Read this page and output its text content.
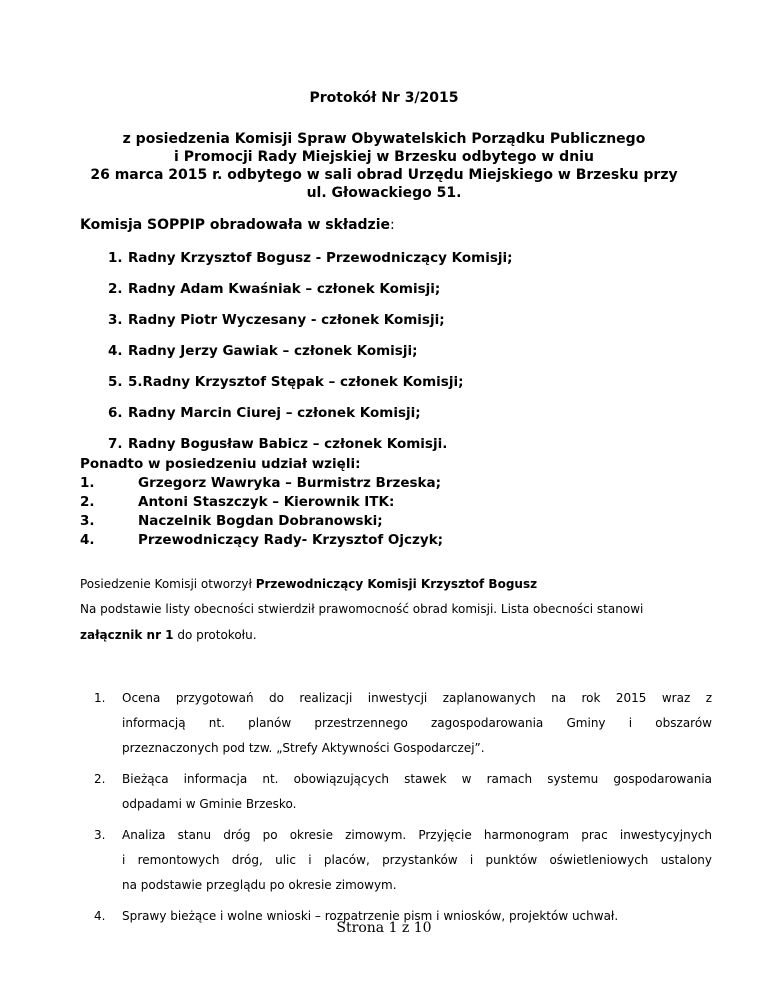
Protokół Nr 3/2015
z posiedzenia Komisji Spraw Obywatelskich Porządku Publicznego
i Promocji Rady Miejskiej w Brzesku odbytego w dniu
26 marca 2015 r. odbytego w sali obrad Urzędu Miejskiego w Brzesku przy
ul. Głowackiego 51.
Komisja SOPPIP obradowała w składzie:
1. Radny Krzysztof Bogusz - Przewodniczący Komisji;
2. Radny Adam Kwaśniak – członek Komisji;
3. Radny Piotr Wyczesany - członek Komisji;
4. Radny Jerzy Gawiak – członek Komisji;
5. 5.Radny Krzysztof Stępak – członek Komisji;
6. Radny Marcin Ciurej – członek Komisji;
7. Radny Bogusław Babicz – członek Komisji.
Ponadto w posiedzeniu udział wzięli:
1.	Grzegorz Wawryka – Burmistrz Brzeska;
2.	Antoni Staszczyk – Kierownik ITK:
3.	Naczelnik Bogdan Dobranowski;
4.	Przewodniczący Rady- Krzysztof Ojczyk;
Posiedzenie Komisji otworzył Przewodniczący Komisji Krzysztof Bogusz
Na podstawie listy obecności stwierdził prawomocność obrad komisji. Lista obecności stanowi
załącznik nr 1 do protokołu.
1. Ocena przygotowań do realizacji inwestycji zaplanowanych na rok 2015 wraz z
informacją nt. planów przestrzennego zagospodarowania Gminy i obszarów
przeznaczonych pod tzw. „Strefy Aktywności Gospodarczej”.
2. Bieżąca informacja nt. obowiązujących stawek w ramach systemu gospodarowania
odpadami w Gminie Brzesko.
3. Analiza stanu dróg po okresie zimowym. Przyjęcie harmonogram prac inwestycyjnych
i remontowych dróg, ulic i placów, przystanków i punktów oświetleniowych ustalony
na podstawie przeglądu po okresie zimowym.
4. Sprawy bieżące i wolne wnioski – rozpatrzenie pism i wniosków, projektów uchwał.
Strona 1 z 10
